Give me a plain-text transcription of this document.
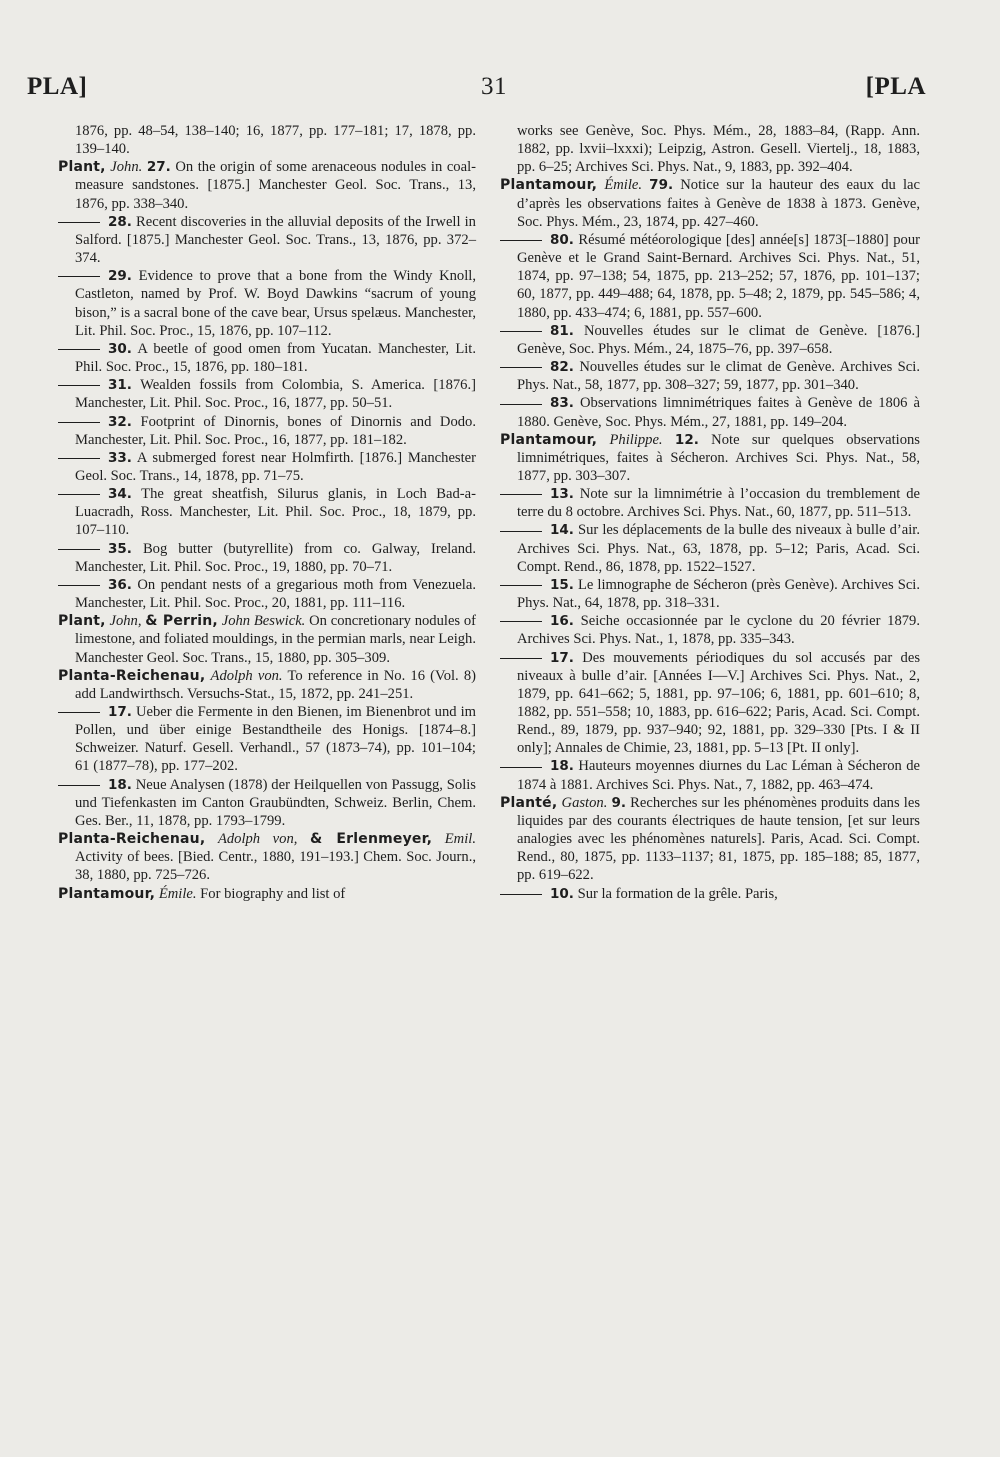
PLA]	31	[PLA

1876, pp. 48–54, 138–140; 16, 1877, pp. 177–181; 17, 1878, pp. 139–140.

Plant, John. 27. On the origin of some arenaceous nodules in coal-measure sandstones. [1875.] Manchester Geol. Soc. Trans., 13, 1876, pp. 338–340.

28. Recent discoveries in the alluvial deposits of the Irwell in Salford. [1875.] Manchester Geol. Soc. Trans., 13, 1876, pp. 372–374.

29. Evidence to prove that a bone from the Windy Knoll, Castleton, named by Prof. W. Boyd Dawkins “sacrum of young bison,” is a sacral bone of the cave bear, Ursus spelæus. Manchester, Lit. Phil. Soc. Proc., 15, 1876, pp. 107–112.

30. A beetle of good omen from Yucatan. Manchester, Lit. Phil. Soc. Proc., 15, 1876, pp. 180–181.

31. Wealden fossils from Colombia, S. America. [1876.] Manchester, Lit. Phil. Soc. Proc., 16, 1877, pp. 50–51.

32. Footprint of Dinornis, bones of Dinornis and Dodo. Manchester, Lit. Phil. Soc. Proc., 16, 1877, pp. 181–182.

33. A submerged forest near Holmfirth. [1876.] Manchester Geol. Soc. Trans., 14, 1878, pp. 71–75.

34. The great sheatfish, Silurus glanis, in Loch Bad-a-Luacradh, Ross. Manchester, Lit. Phil. Soc. Proc., 18, 1879, pp. 107–110.

35. Bog butter (butyrellite) from co. Galway, Ireland. Manchester, Lit. Phil. Soc. Proc., 19, 1880, pp. 70–71.

36. On pendant nests of a gregarious moth from Venezuela. Manchester, Lit. Phil. Soc. Proc., 20, 1881, pp. 111–116.

Plant, John, & Perrin, John Beswick. On concretionary nodules of limestone, and foliated mouldings, in the permian marls, near Leigh. Manchester Geol. Soc. Trans., 15, 1880, pp. 305–309.

Planta-Reichenau, Adolph von. To reference in No. 16 (Vol. 8) add Landwirthsch. Versuchs-Stat., 15, 1872, pp. 241–251.

17. Ueber die Fermente in den Bienen, im Bienenbrot und im Pollen, und über einige Bestandtheile des Honigs. [1874–8.] Schweizer. Naturf. Gesell. Verhandl., 57 (1873–74), pp. 101–104; 61 (1877–78), pp. 177–202.

18. Neue Analysen (1878) der Heilquellen von Passugg, Solis und Tiefenkasten im Canton Graubündten, Schweiz. Berlin, Chem. Ges. Ber., 11, 1878, pp. 1793–1799.

Planta-Reichenau, Adolph von, & Erlenmeyer, Emil. Activity of bees. [Bied. Centr., 1880, 191–193.] Chem. Soc. Journ., 38, 1880, pp. 725–726.

Plantamour, Émile. For biography and list of

works see Genève, Soc. Phys. Mém., 28, 1883–84, (Rapp. Ann. 1882, pp. lxvii–lxxxi); Leipzig, Astron. Gesell. Viertelj., 18, 1883, pp. 6–25; Archives Sci. Phys. Nat., 9, 1883, pp. 392–404.

Plantamour, Émile. 79. Notice sur la hauteur des eaux du lac d’après les observations faites à Genève de 1838 à 1873. Genève, Soc. Phys. Mém., 23, 1874, pp. 427–460.

80. Résumé météorologique [des] année[s] 1873[–1880] pour Genève et le Grand Saint-Bernard. Archives Sci. Phys. Nat., 51, 1874, pp. 97–138; 54, 1875, pp. 213–252; 57, 1876, pp. 101–137; 60, 1877, pp. 449–488; 64, 1878, pp. 5–48; 2, 1879, pp. 545–586; 4, 1880, pp. 433–474; 6, 1881, pp. 557–600.

81. Nouvelles études sur le climat de Genève. [1876.] Genève, Soc. Phys. Mém., 24, 1875–76, pp. 397–658.

82. Nouvelles études sur le climat de Genève. Archives Sci. Phys. Nat., 58, 1877, pp. 308–327; 59, 1877, pp. 301–340.

83. Observations limnimétriques faites à Genève de 1806 à 1880. Genève, Soc. Phys. Mém., 27, 1881, pp. 149–204.

Plantamour, Philippe. 12. Note sur quelques observations limnimétriques, faites à Sécheron. Archives Sci. Phys. Nat., 58, 1877, pp. 303–307.

13. Note sur la limnimétrie à l’occasion du tremblement de terre du 8 octobre. Archives Sci. Phys. Nat., 60, 1877, pp. 511–513.

14. Sur les déplacements de la bulle des niveaux à bulle d’air. Archives Sci. Phys. Nat., 63, 1878, pp. 5–12; Paris, Acad. Sci. Compt. Rend., 86, 1878, pp. 1522–1527.

15. Le limnographe de Sécheron (près Genève). Archives Sci. Phys. Nat., 64, 1878, pp. 318–331.

16. Seiche occasionnée par le cyclone du 20 février 1879. Archives Sci. Phys. Nat., 1, 1878, pp. 335–343.

17. Des mouvements périodiques du sol accusés par des niveaux à bulle d’air. [Années I—V.] Archives Sci. Phys. Nat., 2, 1879, pp. 641–662; 5, 1881, pp. 97–106; 6, 1881, pp. 601–610; 8, 1882, pp. 551–558; 10, 1883, pp. 616–622; Paris, Acad. Sci. Compt. Rend., 89, 1879, pp. 937–940; 92, 1881, pp. 329–330 [Pts. I & II only]; Annales de Chimie, 23, 1881, pp. 5–13 [Pt. II only].

18. Hauteurs moyennes diurnes du Lac Léman à Sécheron de 1874 à 1881. Archives Sci. Phys. Nat., 7, 1882, pp. 463–474.

Planté, Gaston. 9. Recherches sur les phénomènes produits dans les liquides par des courants électriques de haute tension, [et sur leurs analogies avec les phénomènes naturels]. Paris, Acad. Sci. Compt. Rend., 80, 1875, pp. 1133–1137; 81, 1875, pp. 185–188; 85, 1877, pp. 619–622.

10. Sur la formation de la grêle. Paris,
